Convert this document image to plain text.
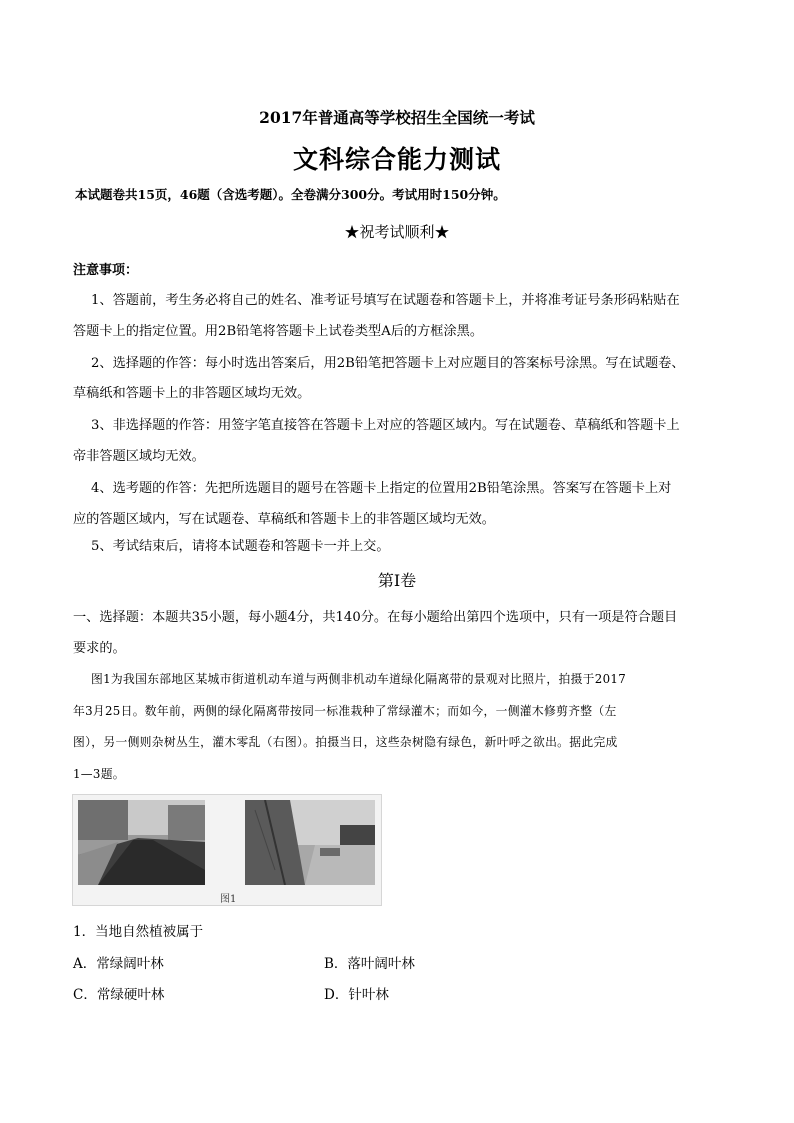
2017年普通高等学校招生全国统一考试
文科综合能力测试
本试题卷共15页，46题（含选考题）。全卷满分300分。考试用时150分钟。
★祝考试顺利★
注意事项：
1、答题前，考生务必将自己的姓名、准考证号填写在试题卷和答题卡上，并将准考证号条形码粘贴在
答题卡上的指定位置。用2B铅笔将答题卡上试卷类型A后的方框涂黑。
2、选择题的作答：每小时选出答案后，用2B铅笔把答题卡上对应题目的答案标号涂黑。写在试题卷、
草稿纸和答题卡上的非答题区域均无效。
3、非选择题的作答：用签字笔直接答在答题卡上对应的答题区域内。写在试题卷、草稿纸和答题卡上
帝非答题区域均无效。
4、选考题的作答：先把所选题目的题号在答题卡上指定的位置用2B铅笔涂黑。答案写在答题卡上对
应的答题区域内，写在试题卷、草稿纸和答题卡上的非答题区域均无效。
5、考试结束后，请将本试题卷和答题卡一并上交。
第Ⅰ卷
一、选择题：本题共35小题，每小题4分，共140分。在每小题给出第四个选项中，只有一项是符合题目
要求的。
图1为我国东部地区某城市街道机动车道与两侧非机动车道绿化隔离带的景观对比照片，拍摄于2017
年3月25日。数年前，两侧的绿化隔离带按同一标准栽种了常绿灌木；而如今，一侧灌木修剪齐整（左
图），另一侧则杂树丛生，灌木零乱（右图）。拍摄当日，这些杂树隐有绿色，新叶呼之欲出。据此完成
1—3题。
图1
1．当地自然植被属于
A．常绿阔叶林	B．落叶阔叶林
C．常绿硬叶林	D．针叶林
